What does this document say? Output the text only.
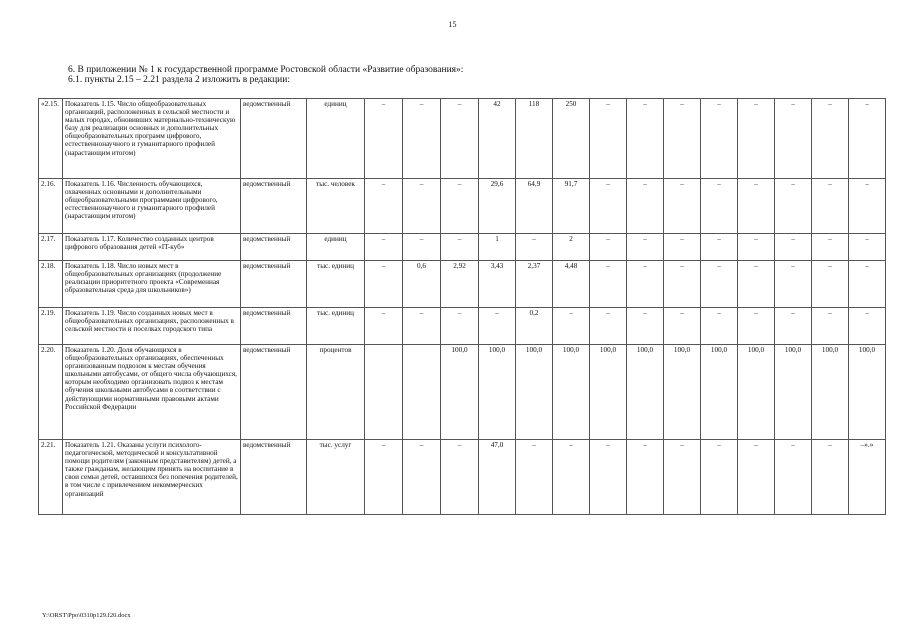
15
6. В приложении № 1 к государственной программе Ростовской области «Развитие образования»:
6.1. пункты 2.15 – 2.21 раздела 2 изложить в редакции:
«2.15.	Показатель 1.15. Число общеобразовательных организаций, расположенных в сельской местности и малых городах, обновивших материально-техническую базу для реализации основных и дополнительных общеобразовательных программ цифрового, естественнонаучного и гуманитарного профилей (нарастающим итогом)	ведомственный	единиц	–	–	–	42	118	250	–	–	–	–	–	–	–	–
2.16.	Показатель 1.16. Численность обучающихся, охваченных основными и дополнительными общеобразовательными программами цифрового, естественнонаучного и гуманитарного профилей (нарастающим итогом)	ведомственный	тыс. человек	–	–	–	29,6	64,9	91,7	–	–	–	–	–	–	–	–
2.17.	Показатель 1.17. Количество созданных центров цифрового образования детей «IT-куб»	ведомственный	единиц	–	–	–	1	–	2	–	–	–	–	–	–	–	–
2.18.	Показатель 1.18. Число новых мест в общеобразовательных организациях (продолжение реализации приоритетного проекта «Современная образовательная среда для школьников»)	ведомственный	тыс. единиц	–	0,6	2,92	3,43	2,37	4,48	–	–	–	–	–	–	–	–
2.19.	Показатель 1.19. Число созданных новых мест в общеобразовательных организациях, расположенных в сельской местности и поселках городского типа	ведомственный	тыс. единиц	–	–	–	–	0,2	–	–	–	–	–	–	–	–	–
2.20.	Показатель 1.20. Доля обучающихся в общеобразовательных организациях, обеспеченных организованным подвозом к местам обучения школьными автобусами, от общего числа обучающихся, которым необходимо организовать подвоз к местам обучения школьными автобусами в соответствии с действующими нормативными правовыми актами Российской Федерации	ведомственный	процентов			100,0	100,0	100,0	100,0	100,0	100,0	100,0	100,0	100,0	100,0	100,0	100,0
2.21.	Показатель 1.21. Оказаны услуги психолого-педагогической, методической и консультативной помощи родителям (законным представителям) детей, а также гражданам, желающим принять на воспитание в свои семьи детей, оставшихся без попечения родителей, в том числе с привлечением некоммерческих организаций	ведомственный	тыс. услуг	–	–	–	47,0	–	–	–	–	–	–	–	–	–	–».»
Y:\ORST\Ppo\0310p129.f20.docx
